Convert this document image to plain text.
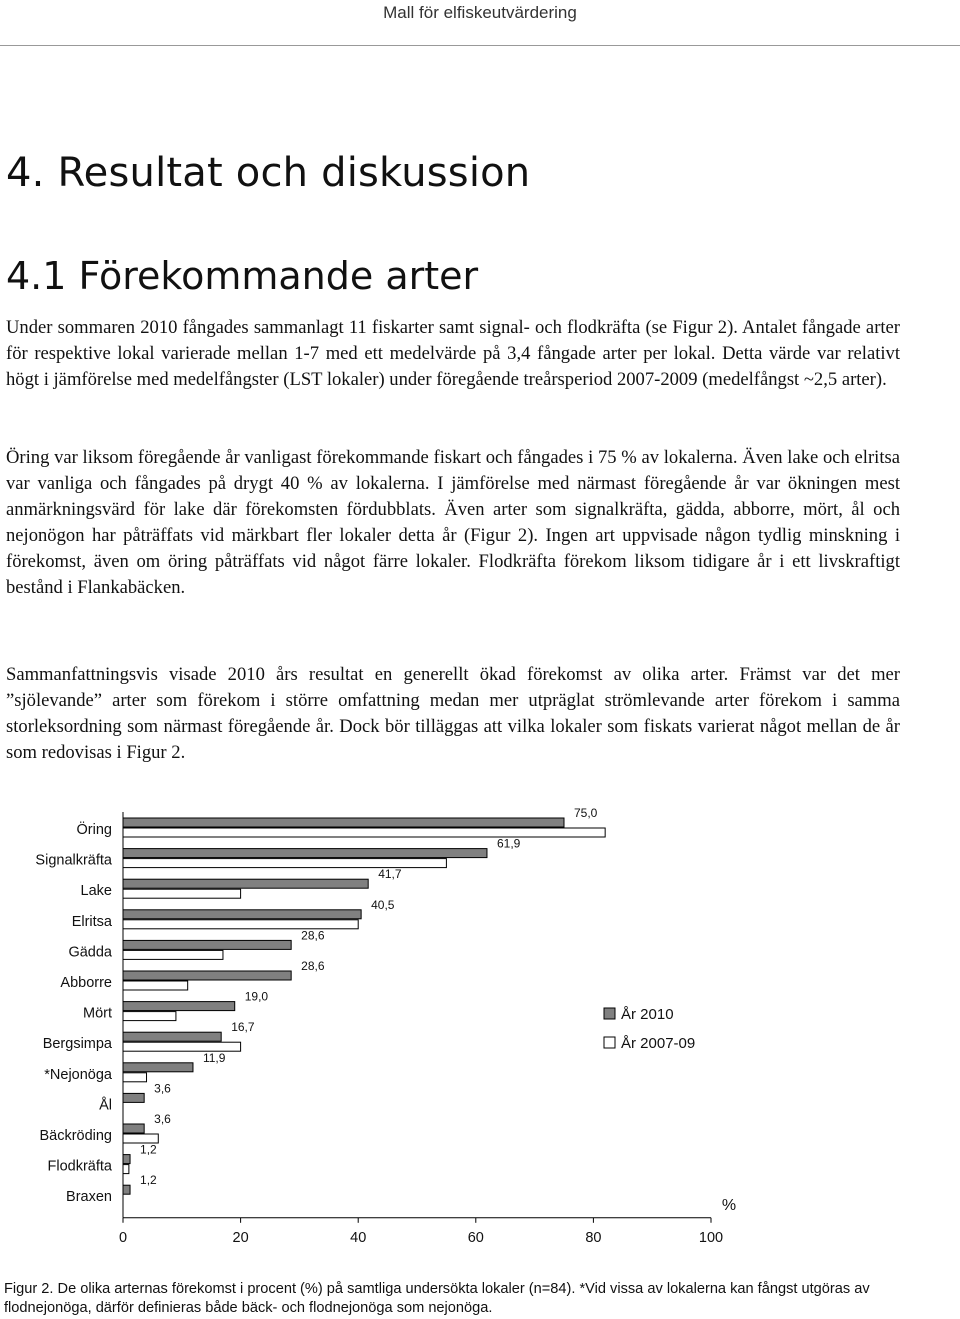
Mall för elfiskeutvärdering
4. Resultat och diskussion
4.1 Förekommande arter

Under sommaren 2010 fångades sammanlagt 11 fiskarter samt signal- och flodkräfta (se Figur 2). Antalet fångade arter för respektive lokal varierade mellan 1-7 med ett medelvärde på 3,4 fångade arter per lokal. Detta värde var relativt högt i jämförelse med medelfångster (LST lokaler) under föregående treårsperiod 2007-2009 (medelfångst ~2,5 arter).

Öring var liksom föregående år vanligast förekommande fiskart och fångades i 75 % av lokalerna. Även lake och elritsa var vanliga och fångades på drygt 40 % av lokalerna. I jämförelse med närmast föregående år var ökningen mest anmärkningsvärd för lake där förekomsten fördubblats. Även arter som signalkräfta, gädda, abborre, mört, ål och nejonögon har påträffats vid märkbart fler lokaler detta år (Figur 2). Ingen art uppvisade någon tydlig minskning i förekomst, även om öring påträffats vid något färre lokaler. Flodkräfta förekom liksom tidigare år i ett livskraftigt bestånd i Flankabäcken.

Sammanfattningsvis visade 2010 års resultat en generellt ökad förekomst av olika arter. Främst var det mer ”sjölevande” arter som förekom i större omfattning medan mer utpräglat strömlevande arter förekom i samma storleksordning som närmast föregående år. Dock bör tilläggas att vilka lokaler som fiskats varierat något mellan de år som redovisas i Figur 2.

Öring
75,0
Signalkräfta
61,9
Lake
41,7
Elritsa
40,5
Gädda
28,6
Abborre
28,6
Mört
19,0
Bergsimpa
16,7
*Nejonöga
11,9
Ål
3,6
Bäckröding
3,6
Flodkräfta
1,2
Braxen
1,2
0	20	40	60	80	100
%
År 2010
År 2007-09

Figur 2. De olika arternas förekomst i procent (%) på samtliga undersökta lokaler (n=84). *Vid vissa av lokalerna kan fångst utgöras av flodnejonöga, därför definieras både bäck- och flodnejonöga som nejonöga.
